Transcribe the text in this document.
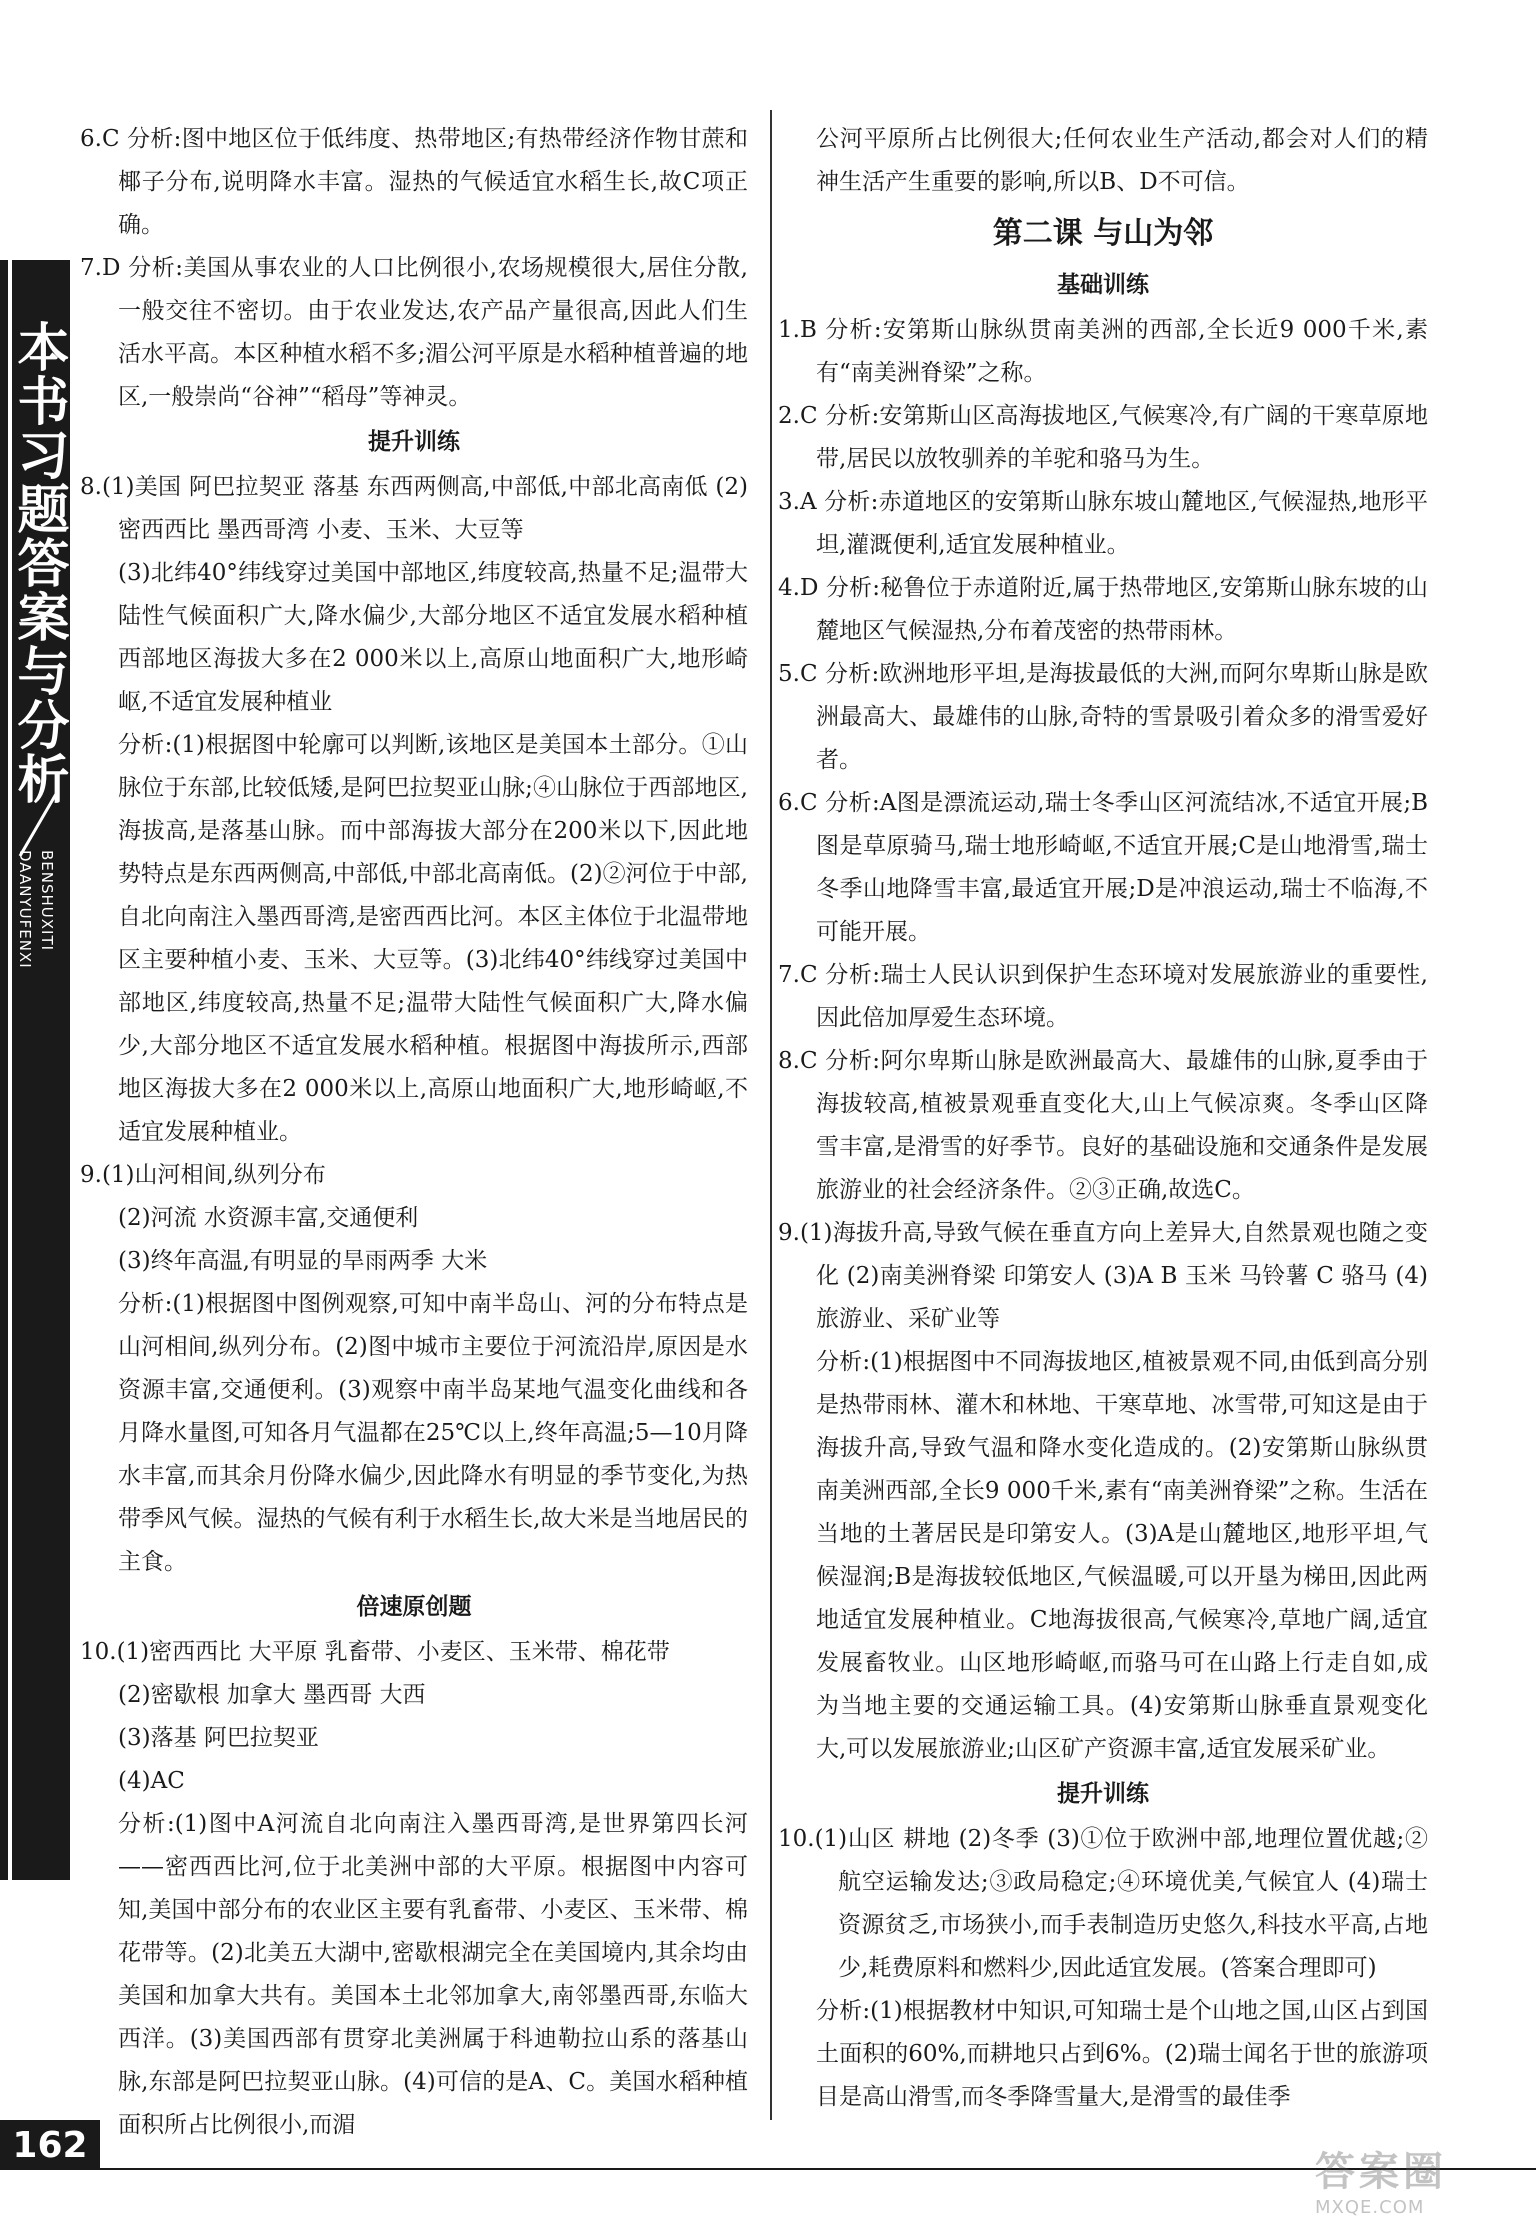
本书习题答案与分析
BENSHUXITI
DAANYUFENXI
6.C 分析:图中地区位于低纬度、热带地区;有热带经济作物甘蔗和椰子分布,说明降水丰富。湿热的气候适宜水稻生长,故C项正确。
7.D 分析:美国从事农业的人口比例很小,农场规模很大,居住分散,一般交往不密切。由于农业发达,农产品产量很高,因此人们生活水平高。本区种植水稻不多;湄公河平原是水稻种植普遍的地区,一般崇尚“谷神”“稻母”等神灵。
提升训练
8.(1)美国 阿巴拉契亚 落基 东西两侧高,中部低,中部北高南低 (2)密西西比 墨西哥湾 小麦、玉米、大豆等
(3)北纬40°纬线穿过美国中部地区,纬度较高,热量不足;温带大陆性气候面积广大,降水偏少,大部分地区不适宜发展水稻种植 西部地区海拔大多在2 000米以上,高原山地面积广大,地形崎岖,不适宜发展种植业
分析:(1)根据图中轮廓可以判断,该地区是美国本土部分。①山脉位于东部,比较低矮,是阿巴拉契亚山脉;④山脉位于西部地区,海拔高,是落基山脉。而中部海拔大部分在200米以下,因此地势特点是东西两侧高,中部低,中部北高南低。(2)②河位于中部,自北向南注入墨西哥湾,是密西西比河。本区主体位于北温带地区主要种植小麦、玉米、大豆等。(3)北纬40°纬线穿过美国中部地区,纬度较高,热量不足;温带大陆性气候面积广大,降水偏少,大部分地区不适宜发展水稻种植。根据图中海拔所示,西部地区海拔大多在2 000米以上,高原山地面积广大,地形崎岖,不适宜发展种植业。
9.(1)山河相间,纵列分布
(2)河流 水资源丰富,交通便利
(3)终年高温,有明显的旱雨两季 大米
分析:(1)根据图中图例观察,可知中南半岛山、河的分布特点是山河相间,纵列分布。(2)图中城市主要位于河流沿岸,原因是水资源丰富,交通便利。(3)观察中南半岛某地气温变化曲线和各月降水量图,可知各月气温都在25℃以上,终年高温;5—10月降水丰富,而其余月份降水偏少,因此降水有明显的季节变化,为热带季风气候。湿热的气候有利于水稻生长,故大米是当地居民的主食。
倍速原创题
10.(1)密西西比 大平原 乳畜带、小麦区、玉米带、棉花带
(2)密歇根 加拿大 墨西哥 大西
(3)落基 阿巴拉契亚
(4)AC
分析:(1)图中A河流自北向南注入墨西哥湾,是世界第四长河——密西西比河,位于北美洲中部的大平原。根据图中内容可知,美国中部分布的农业区主要有乳畜带、小麦区、玉米带、棉花带等。(2)北美五大湖中,密歇根湖完全在美国境内,其余均由美国和加拿大共有。美国本土北邻加拿大,南邻墨西哥,东临大西洋。(3)美国西部有贯穿北美洲属于科迪勒拉山系的落基山脉,东部是阿巴拉契亚山脉。(4)可信的是A、C。美国水稻种植面积所占比例很小,而湄
公河平原所占比例很大;任何农业生产活动,都会对人们的精神生活产生重要的影响,所以B、D不可信。
第二课 与山为邻
基础训练
1.B 分析:安第斯山脉纵贯南美洲的西部,全长近9 000千米,素有“南美洲脊梁”之称。
2.C 分析:安第斯山区高海拔地区,气候寒冷,有广阔的干寒草原地带,居民以放牧驯养的羊驼和骆马为生。
3.A 分析:赤道地区的安第斯山脉东坡山麓地区,气候湿热,地形平坦,灌溉便利,适宜发展种植业。
4.D 分析:秘鲁位于赤道附近,属于热带地区,安第斯山脉东坡的山麓地区气候湿热,分布着茂密的热带雨林。
5.C 分析:欧洲地形平坦,是海拔最低的大洲,而阿尔卑斯山脉是欧洲最高大、最雄伟的山脉,奇特的雪景吸引着众多的滑雪爱好者。
6.C 分析:A图是漂流运动,瑞士冬季山区河流结冰,不适宜开展;B图是草原骑马,瑞士地形崎岖,不适宜开展;C是山地滑雪,瑞士冬季山地降雪丰富,最适宜开展;D是冲浪运动,瑞士不临海,不可能开展。
7.C 分析:瑞士人民认识到保护生态环境对发展旅游业的重要性,因此倍加厚爱生态环境。
8.C 分析:阿尔卑斯山脉是欧洲最高大、最雄伟的山脉,夏季由于海拔较高,植被景观垂直变化大,山上气候凉爽。冬季山区降雪丰富,是滑雪的好季节。良好的基础设施和交通条件是发展旅游业的社会经济条件。②③正确,故选C。
9.(1)海拔升高,导致气候在垂直方向上差异大,自然景观也随之变化 (2)南美洲脊梁 印第安人 (3)A B 玉米 马铃薯 C 骆马 (4)旅游业、采矿业等
分析:(1)根据图中不同海拔地区,植被景观不同,由低到高分别是热带雨林、灌木和林地、干寒草地、冰雪带,可知这是由于海拔升高,导致气温和降水变化造成的。(2)安第斯山脉纵贯南美洲西部,全长9 000千米,素有“南美洲脊梁”之称。生活在当地的土著居民是印第安人。(3)A是山麓地区,地形平坦,气候湿润;B是海拔较低地区,气候温暖,可以开垦为梯田,因此两地适宜发展种植业。C地海拔很高,气候寒冷,草地广阔,适宜发展畜牧业。山区地形崎岖,而骆马可在山路上行走自如,成为当地主要的交通运输工具。(4)安第斯山脉垂直景观变化大,可以发展旅游业;山区矿产资源丰富,适宜发展采矿业。
提升训练
10.(1)山区 耕地 (2)冬季 (3)①位于欧洲中部,地理位置优越;②航空运输发达;③政局稳定;④环境优美,气候宜人 (4)瑞士资源贫乏,市场狭小,而手表制造历史悠久,科技水平高,占地少,耗费原料和燃料少,因此适宜发展。(答案合理即可)
分析:(1)根据教材中知识,可知瑞士是个山地之国,山区占到国土面积的60%,而耕地只占到6%。(2)瑞士闻名于世的旅游项目是高山滑雪,而冬季降雪量大,是滑雪的最佳季
162
答案圈
MXQE.COM
